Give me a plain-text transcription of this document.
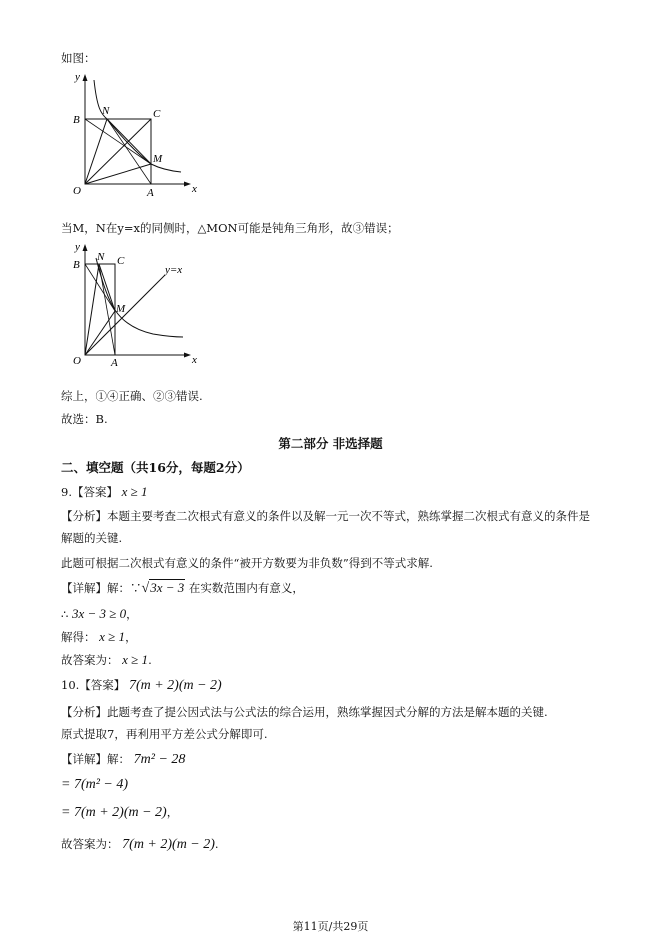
如图：
y
x
B
N	C
M
O	A
当M，N在y=x的同侧时，△MON可能是钝角三角形，故③错误；
y
x
B
N C
M
O	A
y=x
综上，①④正确、②③错误.
故选：B.
第二部分 非选择题
二、填空题（共16分，每题2分）
9.【答案】 x ≥ 1
【分析】本题主要考查二次根式有意义的条件以及解一元一次不等式，熟练掌握二次根式有意义的条件是
解题的关键.
此题可根据二次根式有意义的条件“被开方数要为非负数”得到不等式求解.
【详解】解：∵√3x − 3 在实数范围内有意义，
∴ 3x − 3 ≥ 0，
解得： x ≥ 1，
故答案为： x ≥ 1.
10.【答案】 7(m + 2)(m − 2)
【分析】此题考查了提公因式法与公式法的综合运用，熟练掌握因式分解的方法是解本题的关键.
原式提取7，再利用平方差公式分解即可.
【详解】解： 7m² − 28
= 7(m² − 4)
= 7(m + 2)(m − 2)，
故答案为： 7(m + 2)(m − 2).
第11页/共29页
